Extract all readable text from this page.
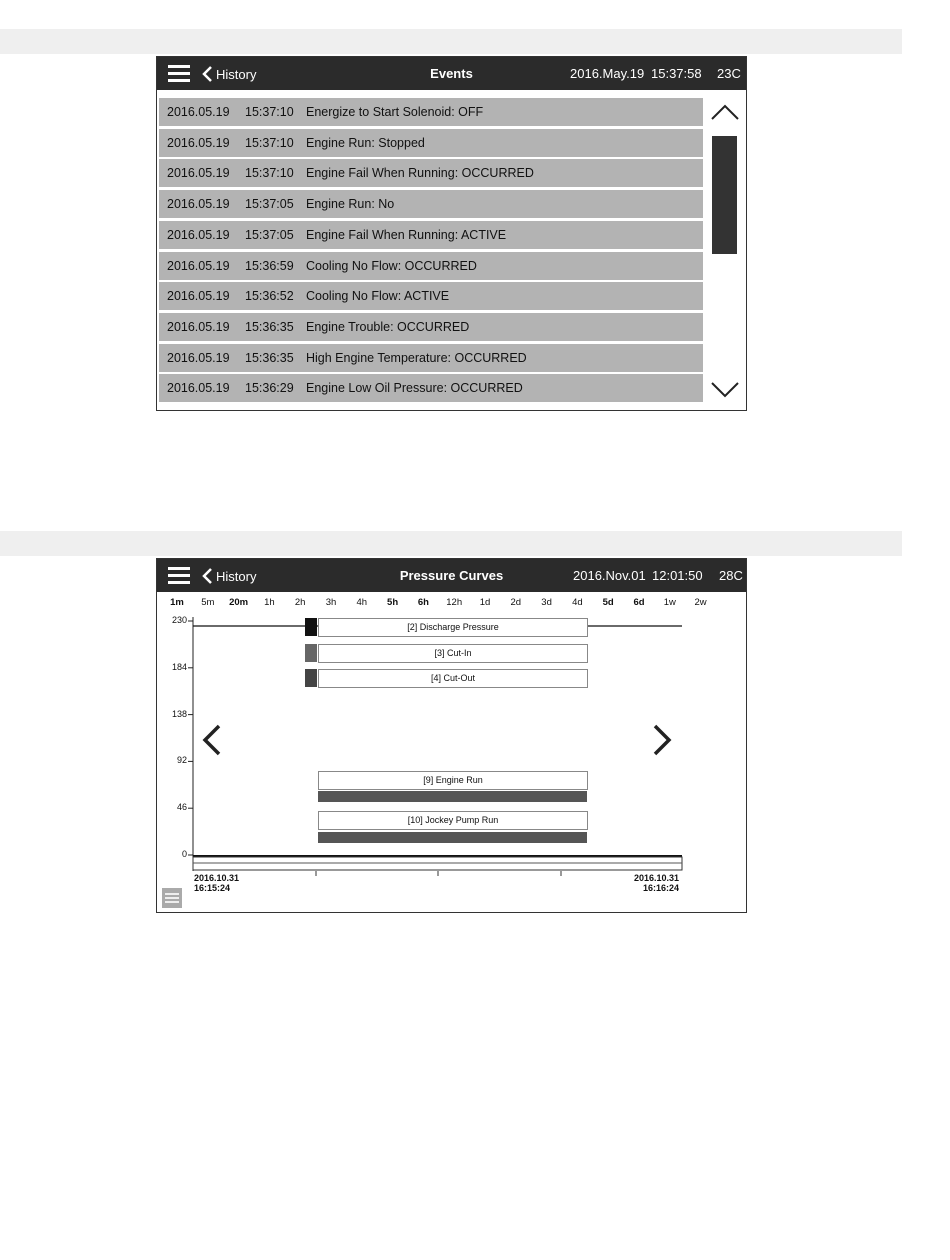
History	Events	2016.May.19 15:37:58 23C
2016.05.19	15:37:10 Energize to Start Solenoid: OFF
2016.05.19	15:37:10 Engine Run: Stopped
2016.05.19	15:37:10 Engine Fail When Running: OCCURRED
2016.05.19	15:37:05 Engine Run: No
2016.05.19	15:37:05 Engine Fail When Running: ACTIVE
2016.05.19	15:36:59 Cooling No Flow: OCCURRED
2016.05.19	15:36:52 Cooling No Flow: ACTIVE
2016.05.19	15:36:35 Engine Trouble: OCCURRED
2016.05.19	15:36:35 High Engine Temperature: OCCURRED
2016.05.19	15:36:29 Engine Low Oil Pressure: OCCURRED
History	Pressure Curves	2016.Nov.01 12:01:50 28C
1m 5m 20m 1h 2h 3h 4h 5h 6h 12h 1d 2d 3d 4d 5d 6d 1w 2w
230
184
138
92
46
0
[2] Discharge Pressure
[3] Cut-In
[4] Cut-Out
[9] Engine Run
[10] Jockey Pump Run
2016.10.31
16:15:24
2016.10.31
16:16:24
